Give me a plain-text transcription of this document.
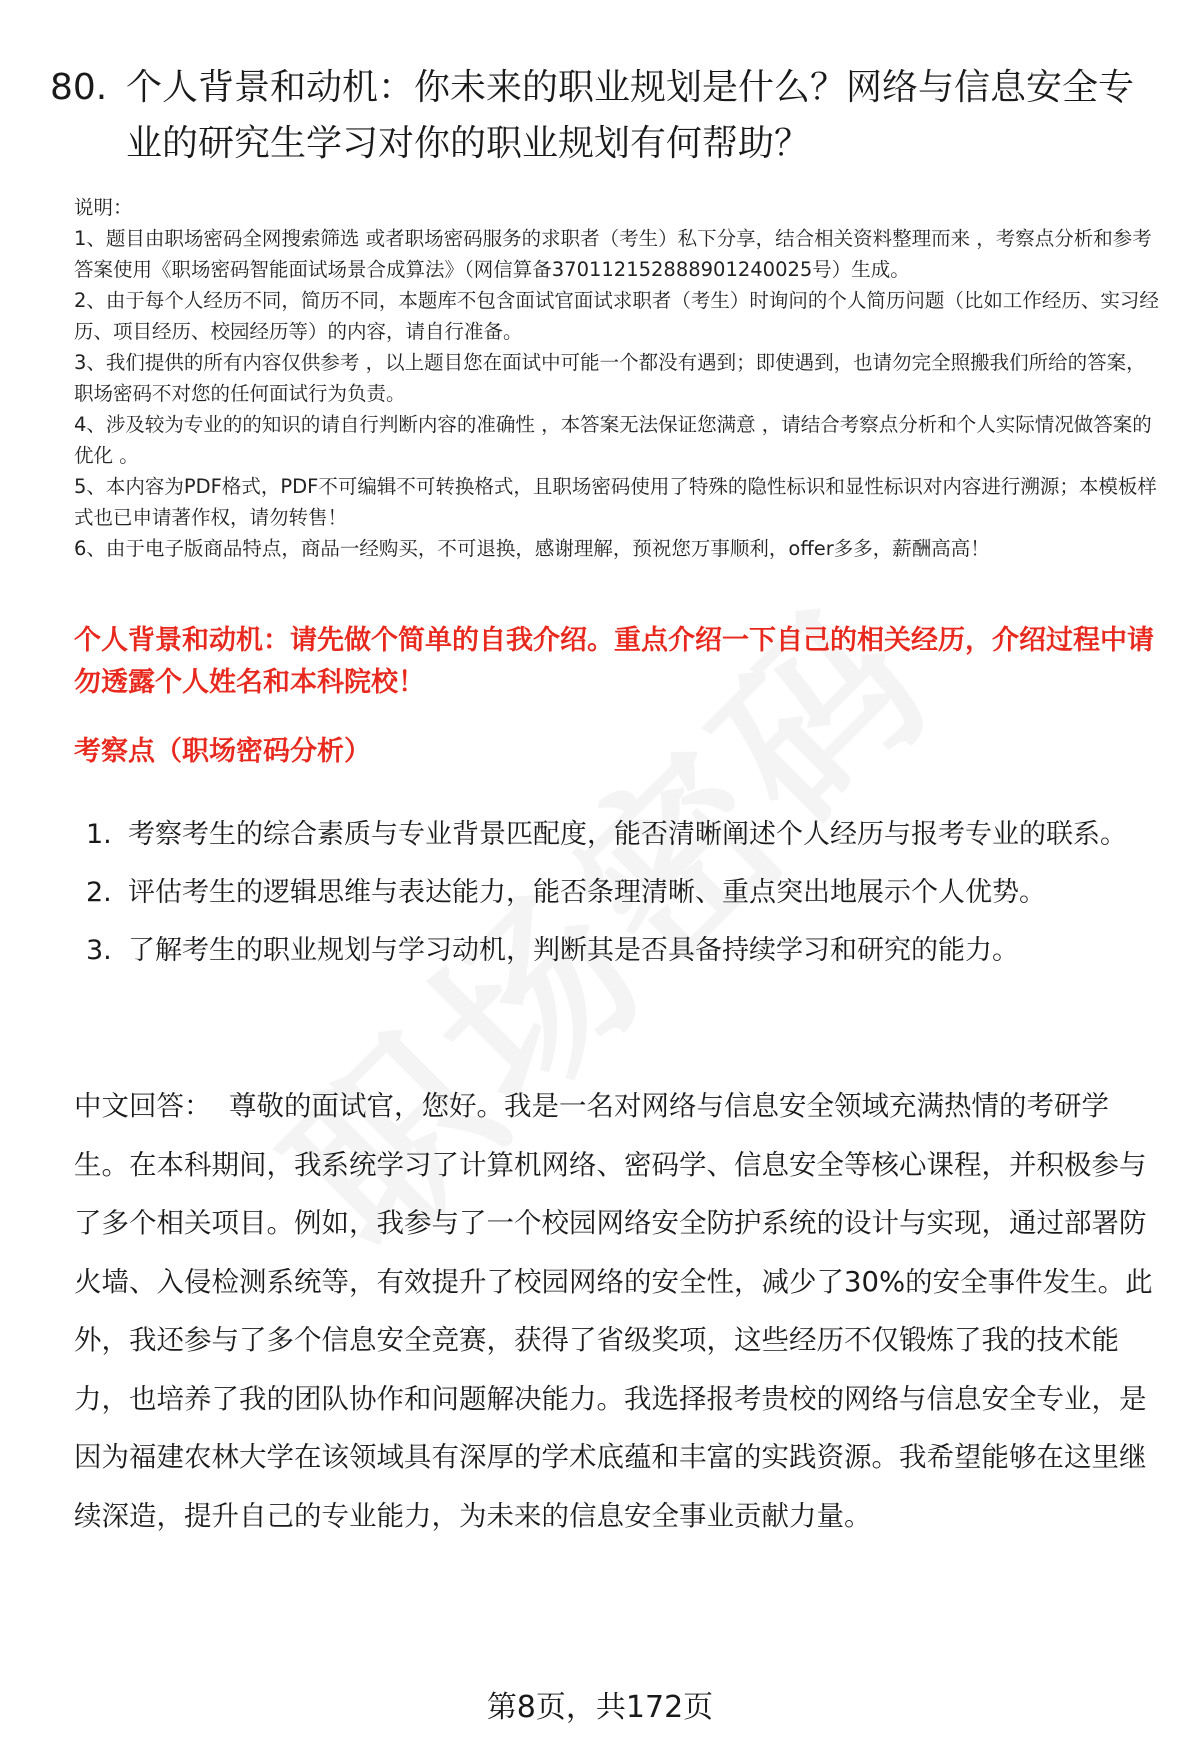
80. 个人背景和动机：你未来的职业规划是什么？网络与信息安全专业的研究生学习对你的职业规划有何帮助？

说明：

1、题目由职场密码全网搜索筛选 或者职场密码服务的求职者（考生）私下分享，结合相关资料整理而来 ，考察点分析和参考答案使用《职场密码智能面试场景合成算法》（网信算备370112152888901240025号）生成。

2、由于每个人经历不同，简历不同，本题库不包含面试官面试求职者（考生）时询问的个人简历问题（比如工作经历、实习经历、项目经历、校园经历等）的内容，请自行准备。

3、我们提供的所有内容仅供参考 ，以上题目您在面试中可能一个都没有遇到；即使遇到，也请勿完全照搬我们所给的答案，职场密码不对您的任何面试行为负责。

4、涉及较为专业的的知识的请自行判断内容的准确性 ，本答案无法保证您满意 ，请结合考察点分析和个人实际情况做答案的优化 。

5、本内容为PDF格式，PDF不可编辑不可转换格式，且职场密码使用了特殊的隐性标识和显性标识对内容进行溯源；本模板样式也已申请著作权，请勿转售！

6、由于电子版商品特点，商品一经购买，不可退换，感谢理解，预祝您万事顺利，offer多多，薪酬高高！

个人背景和动机：请先做个简单的自我介绍。重点介绍一下自己的相关经历，介绍过程中请勿透露个人姓名和本科院校！
考察点（职场密码分析）
1. 考察考生的综合素质与专业背景匹配度，能否清晰阐述个人经历与报考专业的联系。
2. 评估考生的逻辑思维与表达能力，能否条理清晰、重点突出地展示个人优势。
3. 了解考生的职业规划与学习动机，判断其是否具备持续学习和研究的能力。

中文回答： 尊敬的面试官，您好。我是一名对网络与信息安全领域充满热情的考研学生。在本科期间，我系统学习了计算机网络、密码学、信息安全等核心课程，并积极参与了多个相关项目。例如，我参与了一个校园网络安全防护系统的设计与实现，通过部署防火墙、入侵检测系统等，有效提升了校园网络的安全性，减少了30%的安全事件发生。此外，我还参与了多个信息安全竞赛，获得了省级奖项，这些经历不仅锻炼了我的技术能力，也培养了我的团队协作和问题解决能力。我选择报考贵校的网络与信息安全专业，是因为福建农林大学在该领域具有深厚的学术底蕴和丰富的实践资源。我希望能够在这里继续深造，提升自己的专业能力，为未来的信息安全事业贡献力量。

第8页，共172页
